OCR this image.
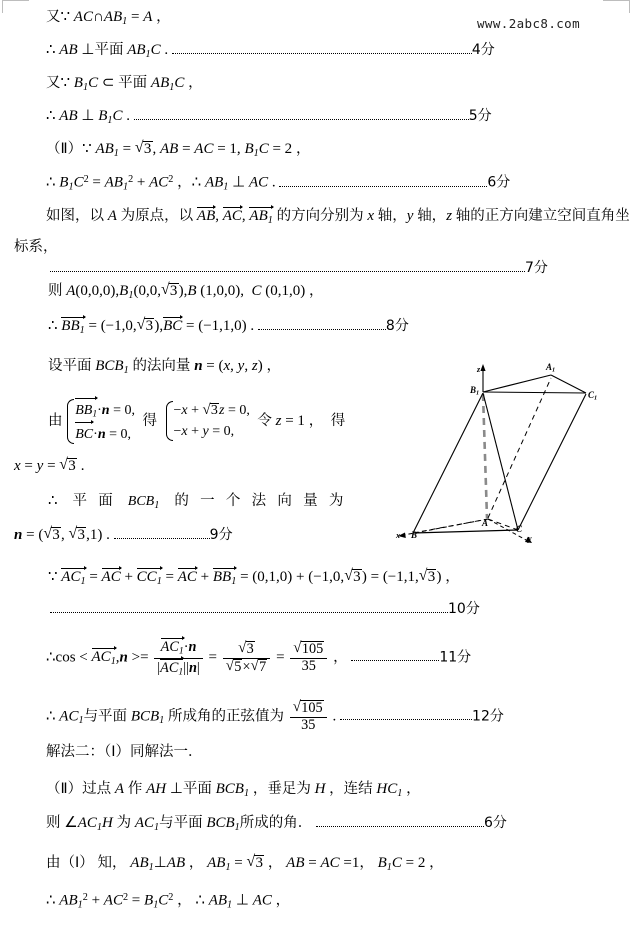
www.2abc8.com
又∵ $AC\cap AB_1 = A$ ，
∴ AB ⊥平面 $AB_1C$ .	4分
又∵ $B_1C$ ⊂ 平面 $AB_1C$ ，
∴ AB ⊥ $B_1C$ .	5分
（Ⅱ）∵ $AB_1$ = √ 3, AB = AC = 1, $B_1C = 2$ ，
∴ $B_1C^2 = AB_1^2 + AC^2$ ，∴ $AB_1$ ⊥ AC .	6分
如图，以 A 为原点，以 AB, AC, $AB_1$ 的方向分别为 x 轴，y 轴，z 轴的正方向建立空间直角坐
标系，
7分
则 $A(0,0,0),B_1(0,0$, √ 3),B (1,0,0), C (0,1,0) ，
∴ $BB_1 = (-1,0$, √ 3),BC = (−1,1,0) .	8分
设平面 $BCB_1$ 的法向量 n = (x, y, z) ，
由
$BB_1\cdot n = 0$,
BC·n = 0,
得
−x + √ 3z = 0,
−x + y = 0,
令 z = 1 ， 得
x = y = √ 3 .
∴ 平 面 $BCB_1$ 的 一 个 法 向 量 为
n = ( √ 3, √ 3,1) .	9分
∵ $AC_1$ = AC + $CC_1$ = AC + $BB_1 = (0,1,0) + (-1,0$, √ 3) = (−1,1, √ 3) ，
10分
∴cos < $AC_1,n >= \frac{AC_1\cdot n}{|AC_1||n|}$ = √ 3
√ 5× √ 7 = √ $\frac{105}{35}$ ，	11分
∴ $AC_1$与平面 $BCB_1$ 所成角的正弦值为 √ $\frac{105}{35}$ .	12分
解法二：（Ⅰ）同解法一．
（Ⅱ）过点 A 作 AH ⊥平面 $BCB_1$ ，垂足为 H ，连结 $HC_1$ ，
则 $\angle AC_1H$ 为 $AC_1$与平面 $BCB_1$所成的角．	6分
由（Ⅰ） 知， $AB_1\perp AB$ ， $AB_1$ = √ 3 ， AB = AC =1， $B_1C = 2$ ，
∴ $AB_1^2 + AC^2 = B_1C^2$ ， ∴ $AB_1$ ⊥ AC ，
A
B
C
$A_1$
$B_1$	$C_1$
z
x	y
